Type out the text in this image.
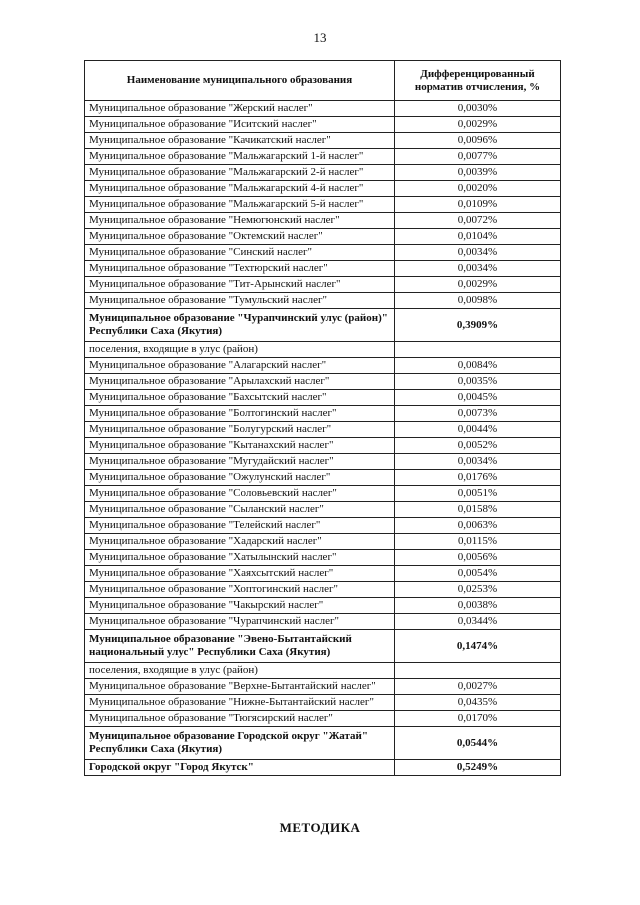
13
Наименование муниципального образования	Дифференцированный норматив отчисления, %
Муниципальное образование "Жерский наслег"	0,0030%
Муниципальное образование "Иситский наслег"	0,0029%
Муниципальное образование "Качикатский наслег"	0,0096%
Муниципальное образование "Мальжагарский 1-й наслег"	0,0077%
Муниципальное образование "Мальжагарский 2-й наслег"	0,0039%
Муниципальное образование "Мальжагарский 4-й наслег"	0,0020%
Муниципальное образование "Мальжагарский 5-й наслег"	0,0109%
Муниципальное образование "Немюгюнский наслег"	0,0072%
Муниципальное образование "Октемский наслег"	0,0104%
Муниципальное образование "Синский наслег"	0,0034%
Муниципальное образование "Техтюрский наслег"	0,0034%
Муниципальное образование "Тит-Арынский наслег"	0,0029%
Муниципальное образование "Тумульский наслег"	0,0098%
Муниципальное образование "Чурапчинский улус (район)" Республики Саха (Якутия)	0,3909%
поселения, входящие в улус (район)	
Муниципальное образование "Алагарский наслег"	0,0084%
Муниципальное образование "Арылахский наслег"	0,0035%
Муниципальное образование "Бахсытский наслег"	0,0045%
Муниципальное образование "Болтогинский наслег"	0,0073%
Муниципальное образование "Болугурский наслег"	0,0044%
Муниципальное образование "Кытанахский наслег"	0,0052%
Муниципальное образование "Мугудайский наслег"	0,0034%
Муниципальное образование "Ожулунский наслег"	0,0176%
Муниципальное образование "Соловьевский наслег"	0,0051%
Муниципальное образование "Сыланский наслег"	0,0158%
Муниципальное образование "Телейский наслег"	0,0063%
Муниципальное образование "Хадарский наслег"	0,0115%
Муниципальное образование "Хатылынский наслег"	0,0056%
Муниципальное образование "Хаяхсытский наслег"	0,0054%
Муниципальное образование "Хоптогинский наслег"	0,0253%
Муниципальное образование "Чакырский наслег"	0,0038%
Муниципальное образование "Чурапчинский наслег"	0,0344%
Муниципальное образование "Эвено-Бытантайский национальный улус" Республики Саха (Якутия)	0,1474%
поселения, входящие в улус (район)	
Муниципальное образование "Верхне-Бытантайский наслег"	0,0027%
Муниципальное образование "Нижне-Бытантайский наслег"	0,0435%
Муниципальное образование "Тюгясирский наслег"	0,0170%
Муниципальное образование Городской округ "Жатай" Республики Саха (Якутия)	0,0544%
Городской округ "Город Якутск"	0,5249%
МЕТОДИКА
